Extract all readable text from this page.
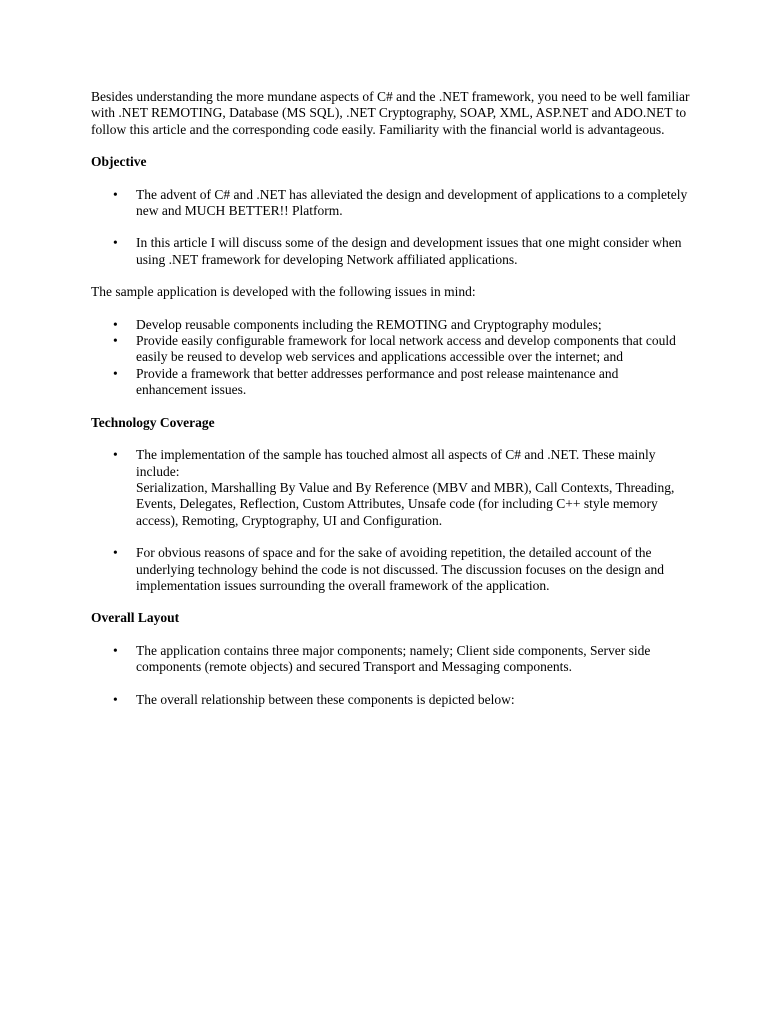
Besides understanding the more mundane aspects of C# and the .NET framework, you need to be well familiar with .NET REMOTING, Database (MS SQL), .NET Cryptography, SOAP, XML, ASP.NET and ADO.NET to follow this article and the corresponding code easily. Familiarity with the financial world is advantageous.

Objective
• The advent of C# and .NET has alleviated the design and development of applications to a completely new and MUCH BETTER!! Platform.
• In this article I will discuss some of the design and development issues that one might consider when using .NET framework for developing Network affiliated applications.

The sample application is developed with the following issues in mind:

• Develop reusable components including the REMOTING and Cryptography modules;
• Provide easily configurable framework for local network access and develop components that could easily be reused to develop web services and applications accessible over the internet; and
• Provide a framework that better addresses performance and post release maintenance and enhancement issues.
Technology Coverage
• The implementation of the sample has touched almost all aspects of C# and .NET. These mainly include:
Serialization, Marshalling By Value and By Reference (MBV and MBR), Call Contexts, Threading, Events, Delegates, Reflection, Custom Attributes, Unsafe code (for including C++ style memory access), Remoting, Cryptography, UI and Configuration.
• For obvious reasons of space and for the sake of avoiding repetition, the detailed account of the underlying technology behind the code is not discussed. The discussion focuses on the design and implementation issues surrounding the overall framework of the application.
Overall Layout
• The application contains three major components; namely; Client side components, Server side components (remote objects) and secured Transport and Messaging components.
• The overall relationship between these components is depicted below:
